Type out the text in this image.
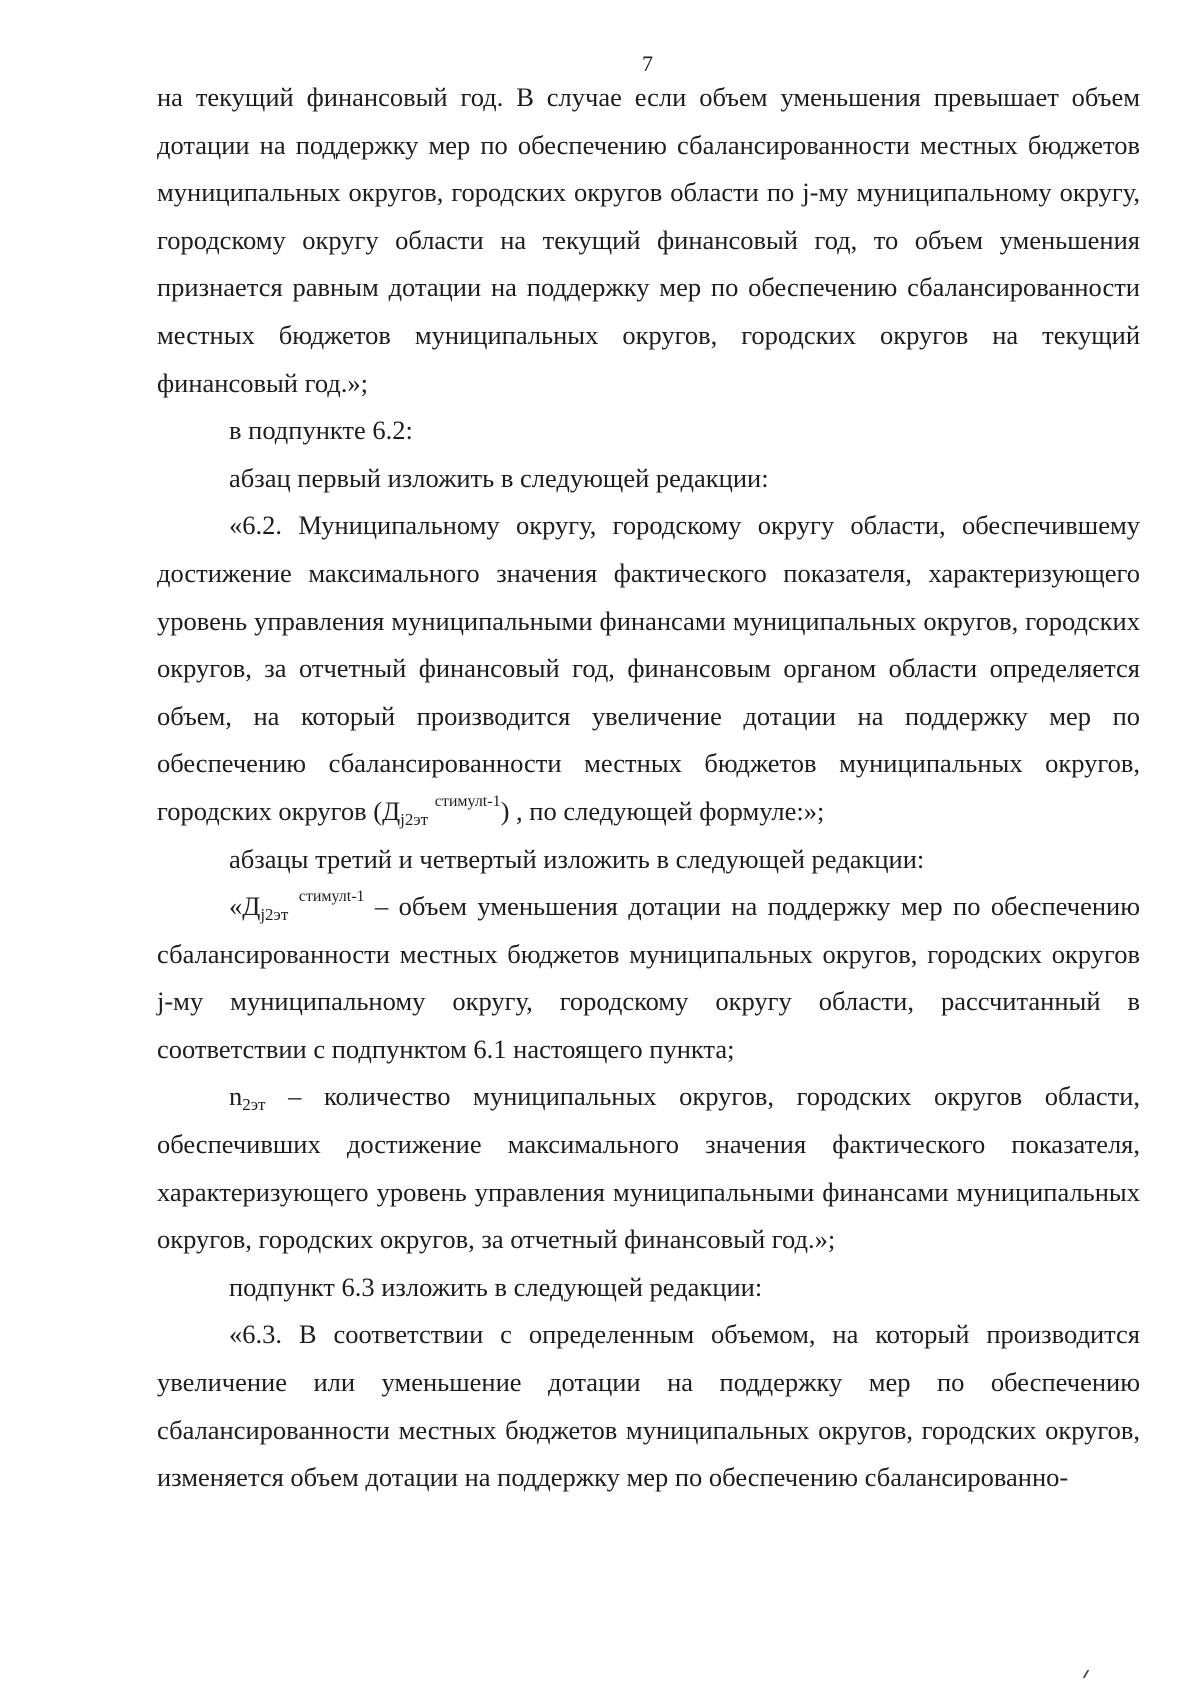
7

на текущий финансовый год. В случае если объем уменьшения превышает объем дотации на поддержку мер по обеспечению сбалансированности местных бюджетов муниципальных округов, городских округов области по j-му муниципальному округу, городскому округу области на текущий финансовый год, то объем уменьшения признается равным дотации на поддержку мер по обеспечению сбалансированности местных бюджетов муниципальных округов, городских округов на текущий финансовый год.»;

в подпункте 6.2:

абзац первый изложить в следующей редакции:

«6.2. Муниципальному округу, городскому округу области, обеспечившему достижение максимального значения фактического показателя, характеризующего уровень управления муниципальными финансами муниципальных округов, городских округов, за отчетный финансовый год, финансовым органом области определяется объем, на который производится увеличение дотации на поддержку мер по обеспечению сбалансированности местных бюджетов муниципальных округов, городских округов ($Д_{j2эт}$ $^{стимулt-1}$) , по следующей формуле:»;

абзацы третий и четвертый изложить в следующей редакции:

«$Д_{j2эт}$ $^{стимулt-1}$ – объем уменьшения дотации на поддержку мер по обеспечению сбалансированности местных бюджетов муниципальных округов, городских округов j-му муниципальному округу, городскому округу области, рассчитанный в соответствии с подпунктом 6.1 настоящего пункта;

$n_{2эт}$ – количество муниципальных округов, городских округов области, обеспечивших достижение максимального значения фактического показателя, характеризующего уровень управления муниципальными финансами муниципальных округов, городских округов, за отчетный финансовый год.»;

подпункт 6.3 изложить в следующей редакции:

«6.3. В соответствии с определенным объемом, на который производится увеличение или уменьшение дотации на поддержку мер по обеспечению сбалансированности местных бюджетов муниципальных округов, городских округов, изменяется объем дотации на поддержку мер по обеспечению сбалансированно-
